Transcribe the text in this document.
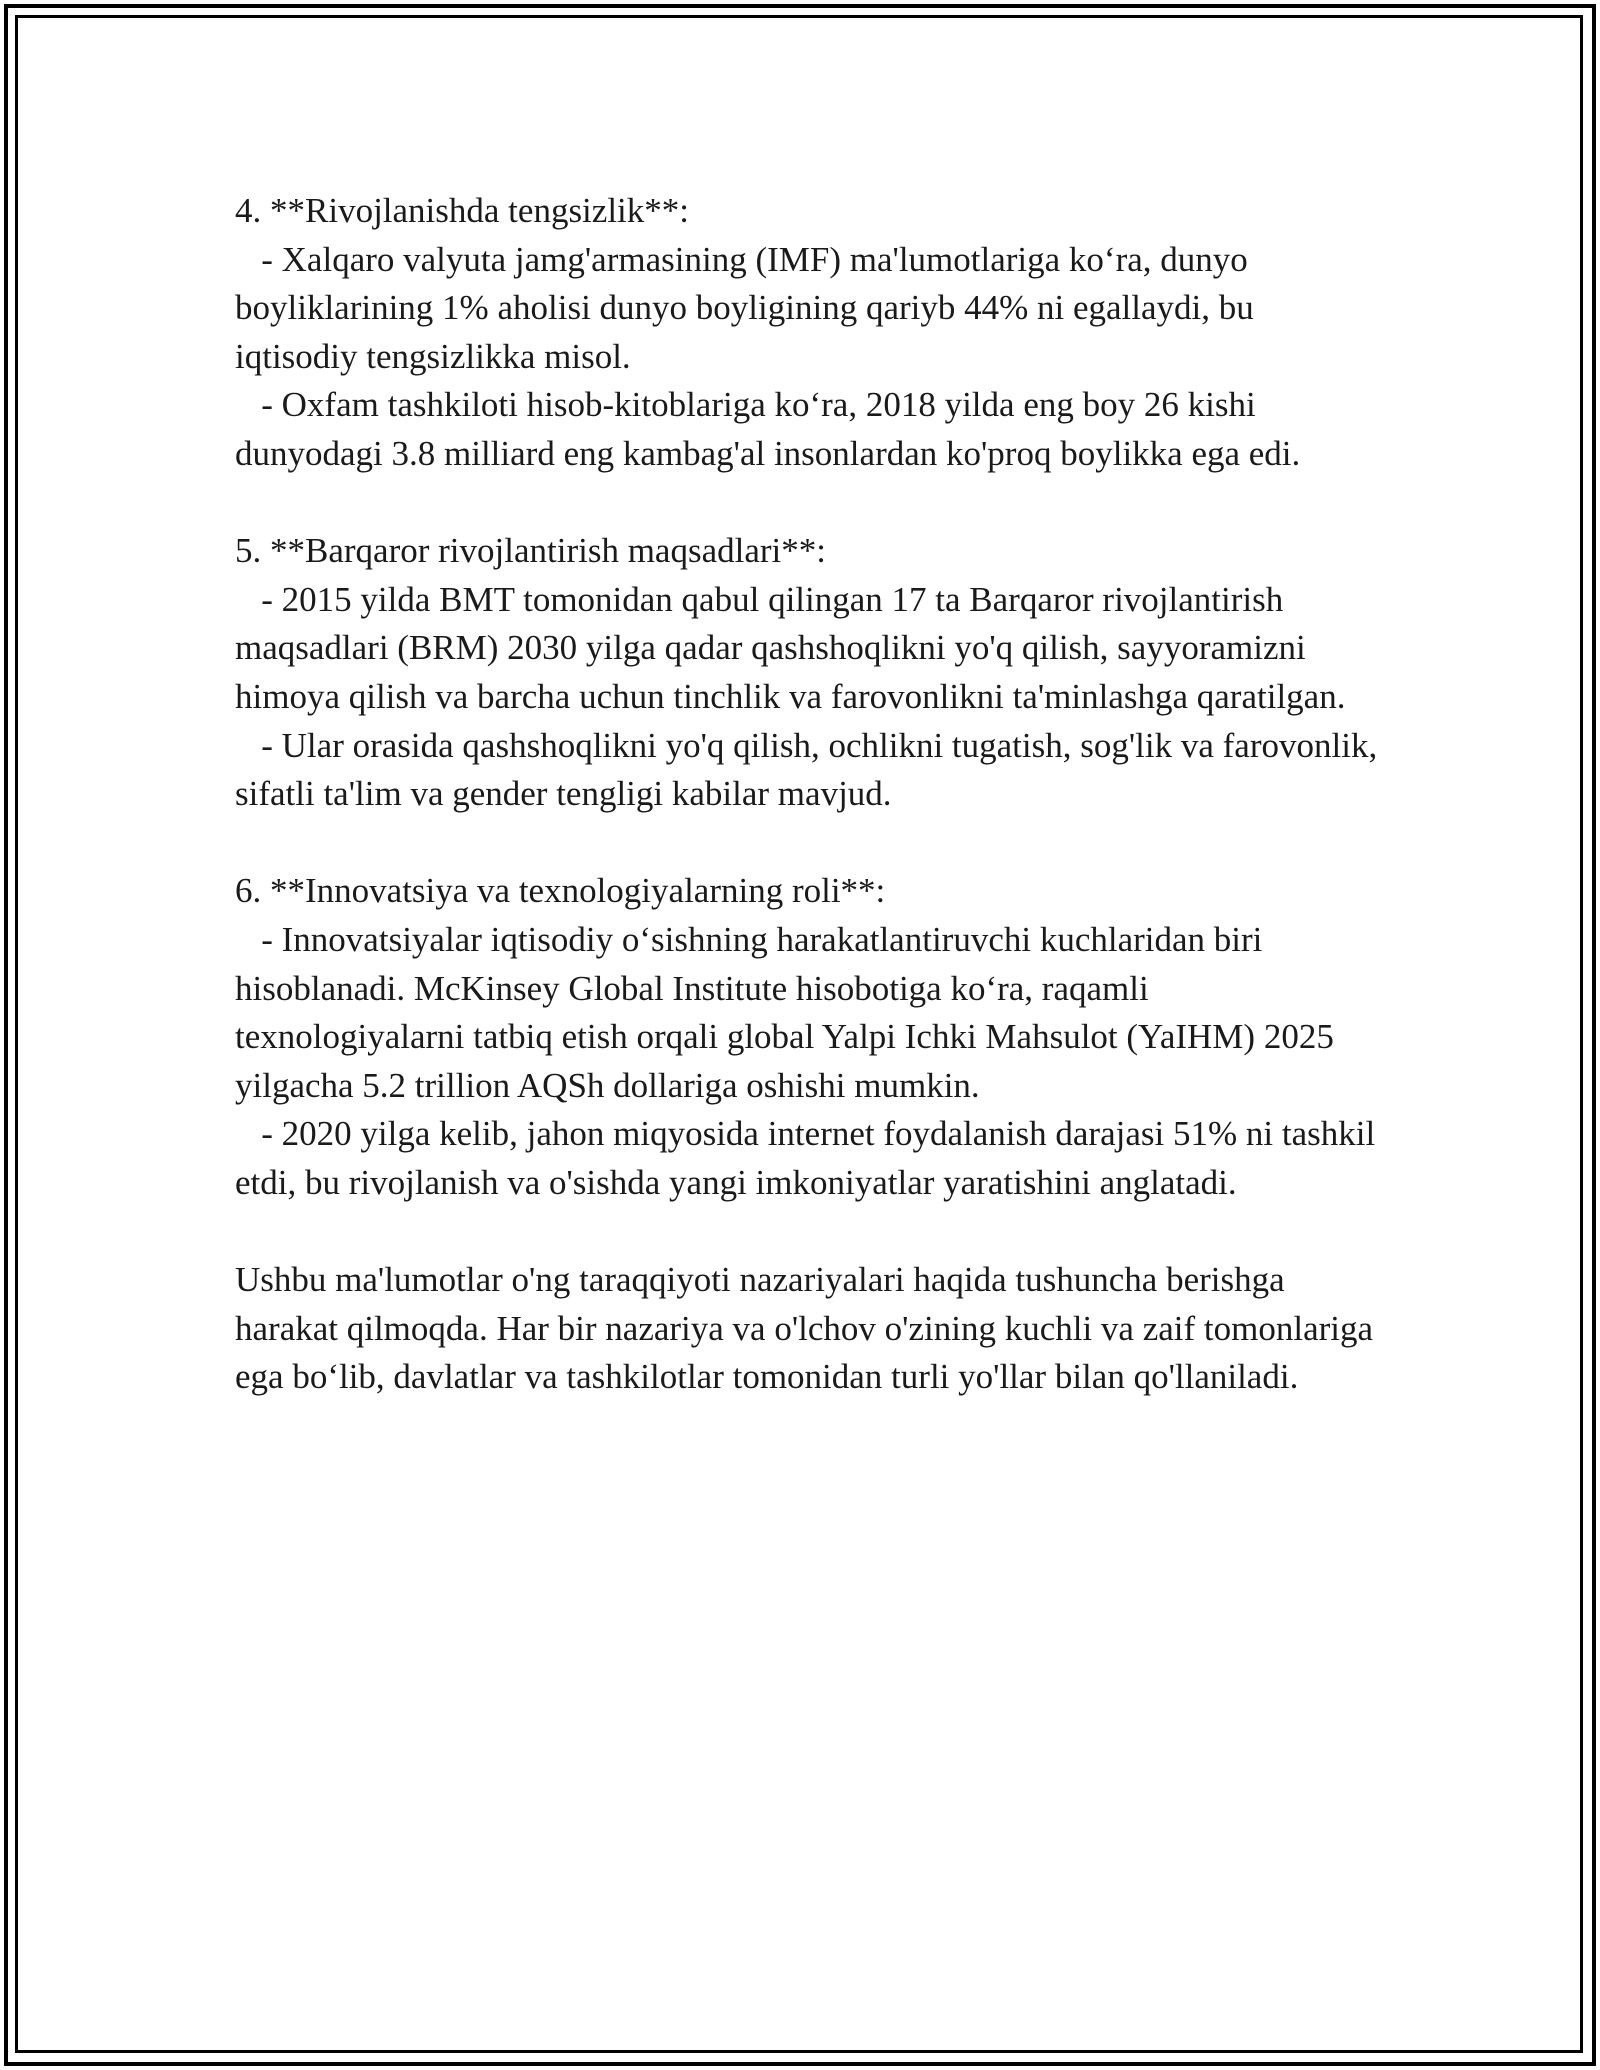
4. **Rivojlanishda tengsizlik**:

- Xalqaro valyuta jamg'armasining (IMF) ma'lumotlariga ko‘ra, dunyo boyliklarining 1% aholisi dunyo boyligining qariyb 44% ni egallaydi, bu iqtisodiy tengsizlikka misol.

- Oxfam tashkiloti hisob-kitoblariga ko‘ra, 2018 yilda eng boy 26 kishi dunyodagi 3.8 milliard eng kambag'al insonlardan ko'proq boylikka ega edi.

5. **Barqaror rivojlantirish maqsadlari**:

- 2015 yilda BMT tomonidan qabul qilingan 17 ta Barqaror rivojlantirish maqsadlari (BRM) 2030 yilga qadar qashshoqlikni yo'q qilish, sayyoramizni himoya qilish va barcha uchun tinchlik va farovonlikni ta'minlashga qaratilgan.

- Ular orasida qashshoqlikni yo'q qilish, ochlikni tugatish, sog'lik va farovonlik, sifatli ta'lim va gender tengligi kabilar mavjud.

6. **Innovatsiya va texnologiyalarning roli**:

- Innovatsiyalar iqtisodiy o‘sishning harakatlantiruvchi kuchlaridan biri hisoblanadi. McKinsey Global Institute hisobotiga ko‘ra, raqamli texnologiyalarni tatbiq etish orqali global Yalpi Ichki Mahsulot (YaIHM) 2025 yilgacha 5.2 trillion AQSh dollariga oshishi mumkin.

- 2020 yilga kelib, jahon miqyosida internet foydalanish darajasi 51% ni tashkil etdi, bu rivojlanish va o'sishda yangi imkoniyatlar yaratishini anglatadi.

Ushbu ma'lumotlar o'ng taraqqiyoti nazariyalari haqida tushuncha berishga harakat qilmoqda. Har bir nazariya va o'lchov o'zining kuchli va zaif tomonlariga ega bo‘lib, davlatlar va tashkilotlar tomonidan turli yo'llar bilan qo'llaniladi.
